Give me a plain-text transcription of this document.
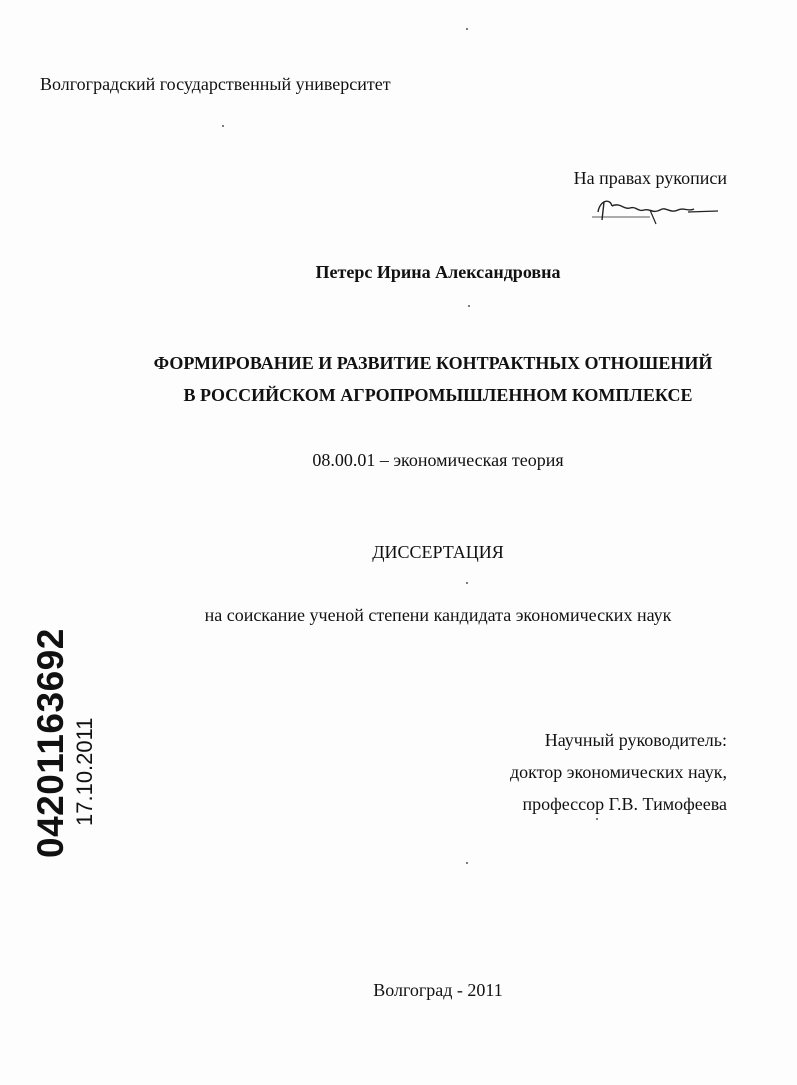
Волгоградский государственный университет
На правах рукописи
Петерс Ирина Александровна
ФОРМИРОВАНИЕ И РАЗВИТИЕ КОНТРАКТНЫХ ОТНОШЕНИЙ
В РОССИЙСКОМ АГРОПРОМЫШЛЕННОМ КОМПЛЕКСЕ
08.00.01 – экономическая теория
ДИССЕРТАЦИЯ
на соискание ученой степени кандидата экономических наук
Научный руководитель:
доктор экономических наук,
профессор Г.В. Тимофеева
Волгоград - 2011
04201163692 17.10.2011
